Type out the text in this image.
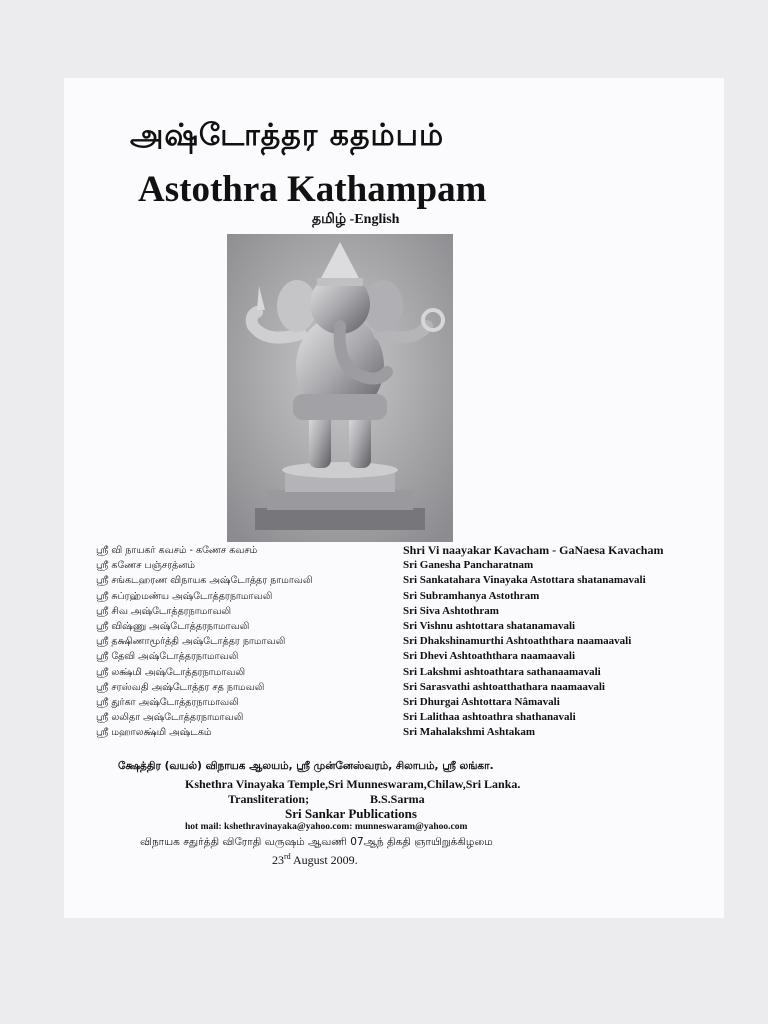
அஷ்டோத்தர கதம்பம்
Astothra Kathampam
தமிழ் -English
ஸ்ரீ வி நாயகர் கவசம் - கணேச கவசம்
ஸ்ரீ கணேச பஞ்சரத்னம்
ஸ்ரீ சங்கடஹரண விநாயக அஷ்டோத்தர நாமாவலி
ஸ்ரீ சுப்ரஹ்மண்ய அஷ்டோத்தரநாமாவலி
ஸ்ரீ சிவ அஷ்டோத்தரநாமாவலி
ஸ்ரீ விஷ்ணு அஷ்டோத்தரநாமாவலி
ஸ்ரீ தக்ஷிணாமூர்த்தி அஷ்டோத்தர நாமாவலி
ஸ்ரீ தேவி அஷ்டோத்தரநாமாவலி
ஸ்ரீ லக்ஷ்மி அஷ்டோத்தரநாமாவலி
ஸ்ரீ சரஸ்வதி அஷ்டோத்தர சத நாமவலி
ஸ்ரீ துர்கா அஷ்டோத்தரநாமாவலி
ஸ்ரீ லலிதா அஷ்டோத்தரநாமாவலி
ஸ்ரீ மஹாலக்ஷ்மி அஷ்டகம்
Shri Vi naayakar Kavacham - GaNaesa Kavacham
Sri Ganesha Pancharatnam
Sri Sankatahara Vinayaka Astottara shatanamavali
Sri Subramhanya Astothram
Sri Siva Ashtothram
Sri Vishnu ashtottara shatanamavali
Sri Dhakshinamurthi Ashtoaththara naamaavali
Sri Dhevi Ashtoaththara naamaavali
Sri Lakshmi ashtoathtara sathanaamavali
Sri Sarasvathi ashtoatthathara naamaavali
Sri Dhurgai Ashtottara Nâmavali
Sri Lalithaa ashtoathra shathanavali
Sri Mahalakshmi Ashtakam
க்ஷேத்திர (வயல்) விநாயக ஆலயம், ஸ்ரீ முன்னேஸ்வரம், சிலாபம், ஸ்ரீ லங்கா.
Kshethra Vinayaka Temple,Sri Munneswaram,Chilaw,Sri Lanka.
Transliteration;	B.S.Sarma
Sri Sankar Publications
hot mail: kshethravinayaka@yahoo.com: munneswaram@yahoo.com
விநாயக சதுர்த்தி விரோதி வருஷம் ஆவணி 07ஆந் திகதி ஞாயிறுக்கிழமை
23rd August 2009.
